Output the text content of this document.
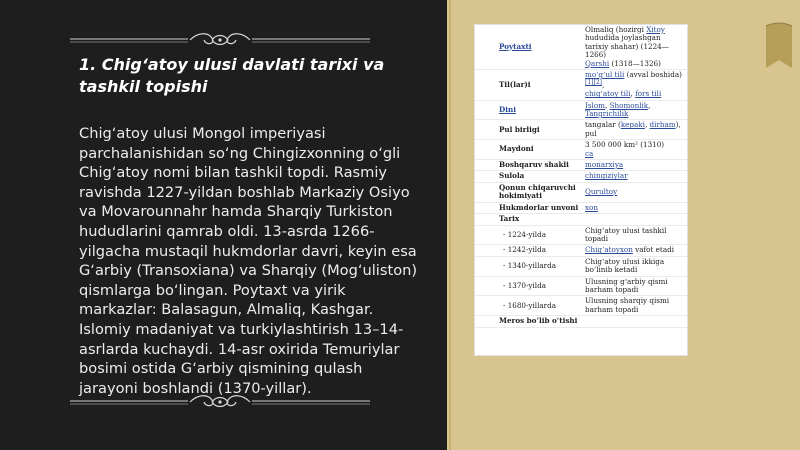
1. Chig‘atoy ulusi davlati tarixi va tashkil topishi

Chig‘atoy ulusi Mongol imperiyasi parchalanishidan so‘ng Chingizxonning o‘gli Chig‘atoy nomi bilan tashkil topdi. Rasmiy ravishda 1227-yildan boshlab Markaziy Osiyo va Movarounnahr hamda Sharqiy Turkiston hududlarini qamrab oldi. 13-asrda 1266-yilgacha mustaqil hukmdorlar davri, keyin esa G‘arbiy (Transoxiana) va Sharqiy (Mog‘uliston) qismlarga bo‘lingan. Poytaxt va yirik markazlar: Balasagun, Almaliq, Kashgar. Islomiy madaniyat va turkiylashtirish 13–14-asrlarda kuchaydi. 14-asr oxirida Temuriylar bosimi ostida G‘arbiy qismining qulash jarayoni boshlandi (1370-yillar).

Poytaxti	Olmaliq (hozirgi Xitoy hududida joylashgan tarixiy shahar) (1224—1266)
Qarshi (1318—1326)
Til(lar)i	mo‘g‘ul tili (avval boshida)[1][2],
chig‘atoy tili, fors tili
Dini	Islom, Shomonlik, Tangrichilik
Pul birligi	tangalar (kepaki, dirham), pul
Maydoni	3 500 000 km² (1310)
ca
Boshqaruv shakli	monarxiya
Sulola	chingiziylar
Qonun chiqaruvchi hokimiyati	Qurultoy
Hukmdorlar unvoni	xon
Tarix	
- 1224-yilda	Chig‘atoy ulusi tashkil topadi
- 1242-yilda	Chig‘atoyxon vafot etadi
- 1340-yillarda	Chig‘atoy ulusi ikkiga bo‘linib ketadi
- 1370-yilda	Ulusning g‘arbiy qismi barham topadi
- 1680-yillarda	Ulusning sharqiy qismi barham topadi
Meros bo‘lib o‘tishi	
